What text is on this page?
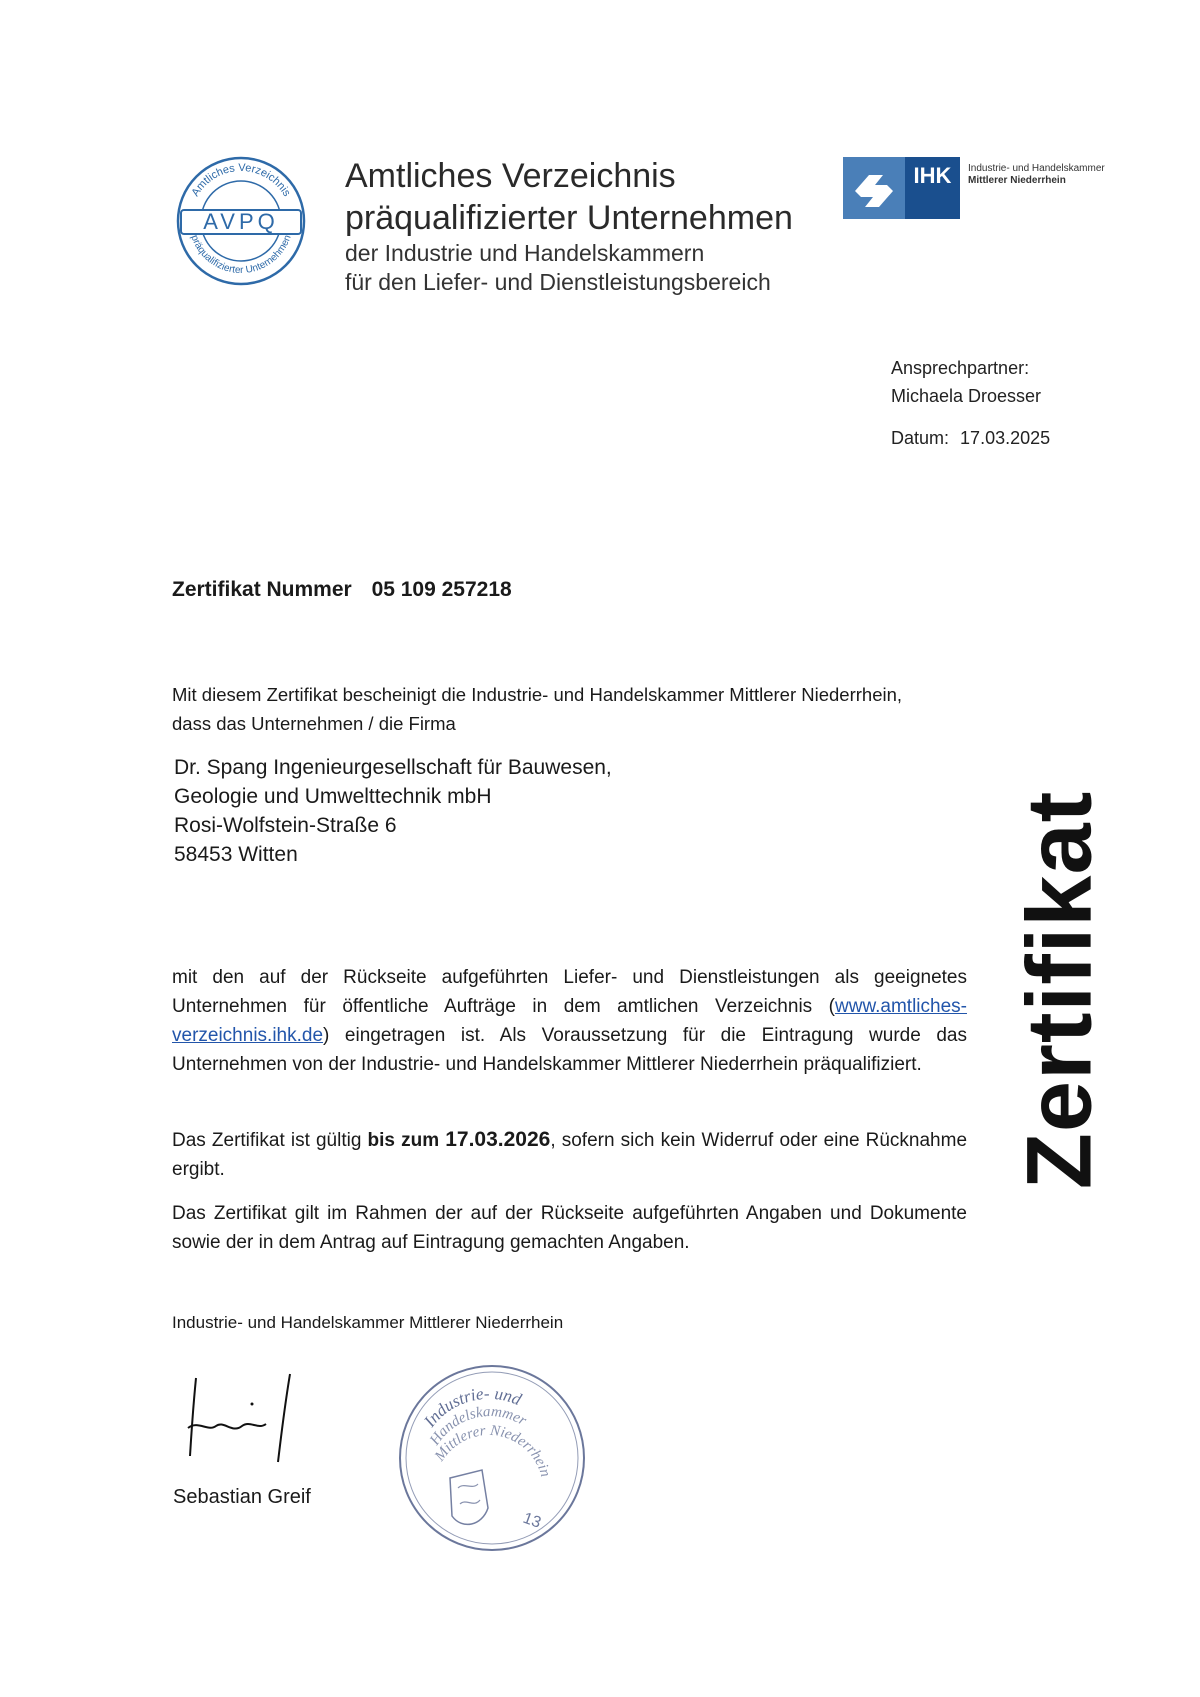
Amtliches Verzeichnis
präqualifizierter Unternehmen
AVPQ
Amtliches Verzeichnis
präqualifizierter Unternehmen
der Industrie und Handelskammern
für den Liefer- und Dienstleistungsbereich
IHK	Industrie- und Handelskammer
Mittlerer Niederrhein
Ansprechpartner:
Michaela Droesser
Datum: 17.03.2025
Zertifikat Nummer 05 109 257218
Mit diesem Zertifikat bescheinigt die Industrie- und Handelskammer Mittlerer Niederrhein, dass das Unternehmen / die Firma
Dr. Spang Ingenieurgesellschaft für Bauwesen,
Geologie und Umwelttechnik mbH
Rosi-Wolfstein-Straße 6
58453 Witten
mit den auf der Rückseite aufgeführten Liefer- und Dienstleistungen als geeignetes Unternehmen für öffentliche Aufträge in dem amtlichen Verzeichnis (www.amtliches-verzeichnis.ihk.de) eingetragen ist. Als Voraussetzung für die Eintragung wurde das Unternehmen von der Industrie- und Handelskammer Mittlerer Niederrhein präqualifiziert.
Das Zertifikat ist gültig bis zum 17.03.2026, sofern sich kein Widerruf oder eine Rücknahme ergibt.
Das Zertifikat gilt im Rahmen der auf der Rückseite aufgeführten Angaben und Dokumente sowie der in dem Antrag auf Eintragung gemachten Angaben.
Zertifikat
Industrie- und Handelskammer Mittlerer Niederrhein
Sebastian Greif
Industrie- und
Handelskammer
Mittlerer Niederrhein
13
